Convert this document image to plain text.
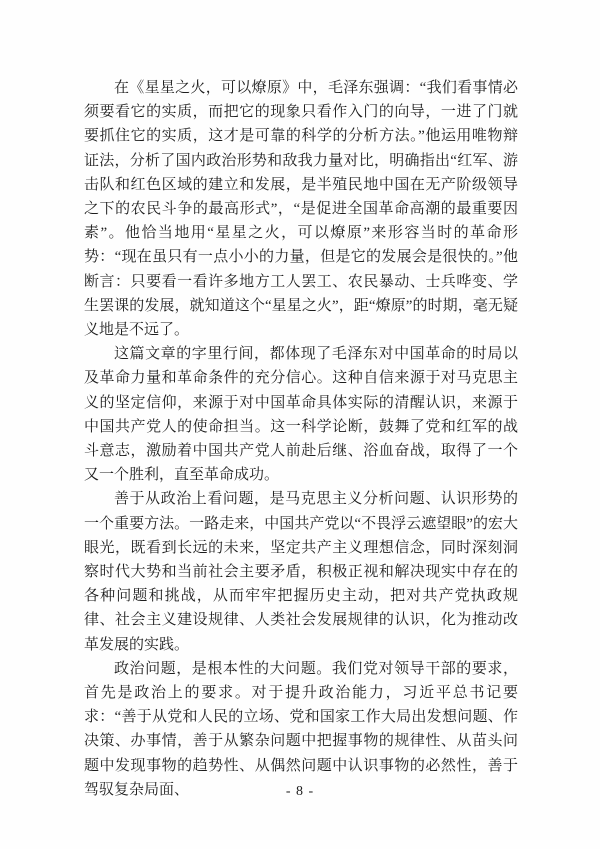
在《星星之火，可以燎原》中，毛泽东强调：“我们看事情必须要看它的实质，而把它的现象只看作入门的向导，一进了门就要抓住它的实质，这才是可靠的科学的分析方法。”他运用唯物辩证法，分析了国内政治形势和敌我力量对比，明确指出“红军、游击队和红色区域的建立和发展，是半殖民地中国在无产阶级领导之下的农民斗争的最高形式”，“是促进全国革命高潮的最重要因素”。他恰当地用“星星之火，可以燎原”来形容当时的革命形势：“现在虽只有一点小小的力量，但是它的发展会是很快的。”他断言：只要看一看许多地方工人罢工、农民暴动、士兵哗变、学生罢课的发展，就知道这个“星星之火”，距“燎原”的时期，毫无疑义地是不远了。

这篇文章的字里行间，都体现了毛泽东对中国革命的时局以及革命力量和革命条件的充分信心。这种自信来源于对马克思主义的坚定信仰，来源于对中国革命具体实际的清醒认识，来源于中国共产党人的使命担当。这一科学论断，鼓舞了党和红军的战斗意志，激励着中国共产党人前赴后继、浴血奋战，取得了一个又一个胜利，直至革命成功。

善于从政治上看问题，是马克思主义分析问题、认识形势的一个重要方法。一路走来，中国共产党以“不畏浮云遮望眼”的宏大眼光，既看到长远的未来，坚定共产主义理想信念，同时深刻洞察时代大势和当前社会主要矛盾，积极正视和解决现实中存在的各种问题和挑战，从而牢牢把握历史主动，把对共产党执政规律、社会主义建设规律、人类社会发展规律的认识，化为推动改革发展的实践。

政治问题，是根本性的大问题。我们党对领导干部的要求，首先是政治上的要求。对于提升政治能力，习近平总书记要求：“善于从党和人民的立场、党和国家工作大局出发想问题、作决策、办事情，善于从繁杂问题中把握事物的规律性、从苗头问题中发现事物的趋势性、从偶然问题中认识事物的必然性，善于驾驭复杂局面、	- 8 -
